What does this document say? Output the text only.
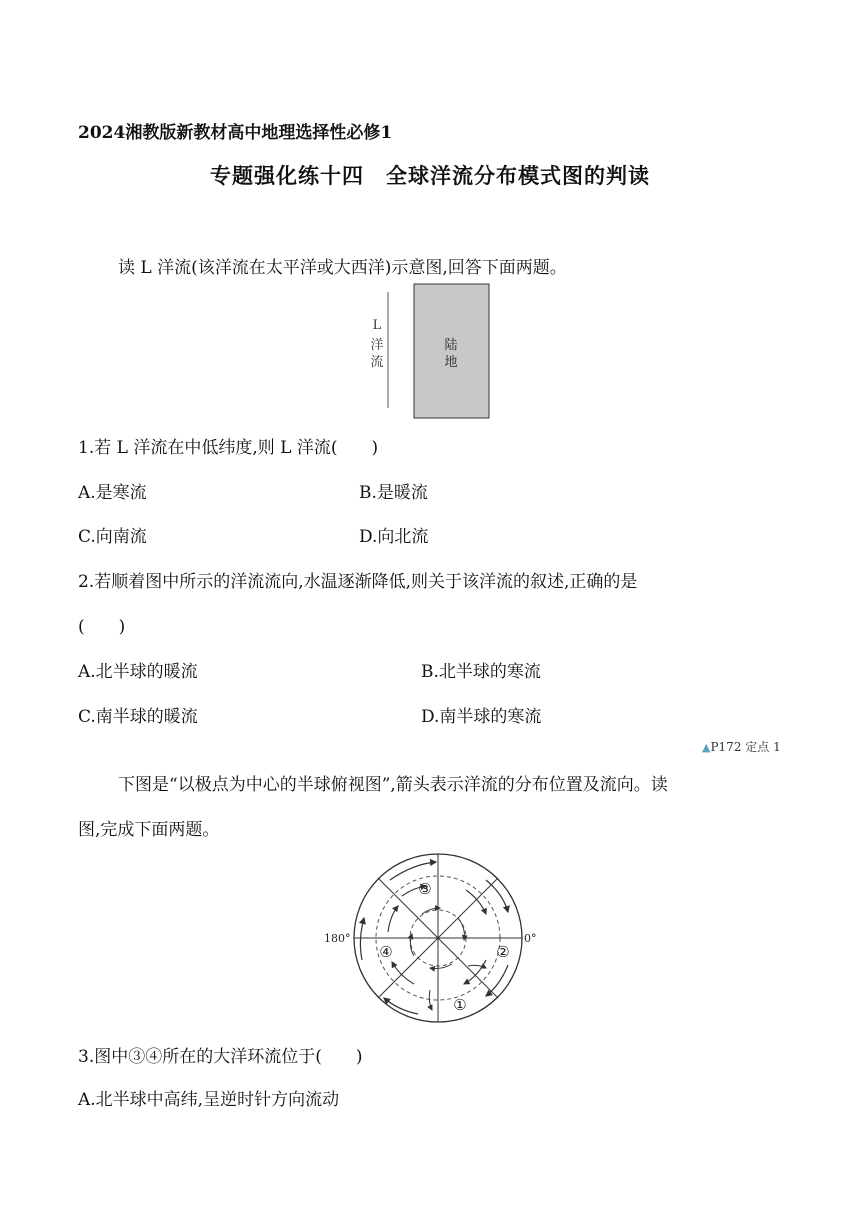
2024湘教版新教材高中地理选择性必修1
专题强化练十四　全球洋流分布模式图的判读
读 L 洋流(该洋流在太平洋或大西洋)示意图,回答下面两题。
L
洋
流
陆
地
1.若 L 洋流在中低纬度,则 L 洋流(　　)
A.是寒流	B.是暖流
C.向南流	D.向北流
2.若顺着图中所示的洋流流向,水温逐渐降低,则关于该洋流的叙述,正确的是
(　　)
A.北半球的暖流	B.北半球的寒流
C.南半球的暖流	D.南半球的寒流
▲P172 定点 1
下图是“以极点为中心的半球俯视图”,箭头表示洋流的分布位置及流向。读
图,完成下面两题。
180°	0°
①
②
③
④
3.图中③④所在的大洋环流位于(　　)
A.北半球中高纬,呈逆时针方向流动
